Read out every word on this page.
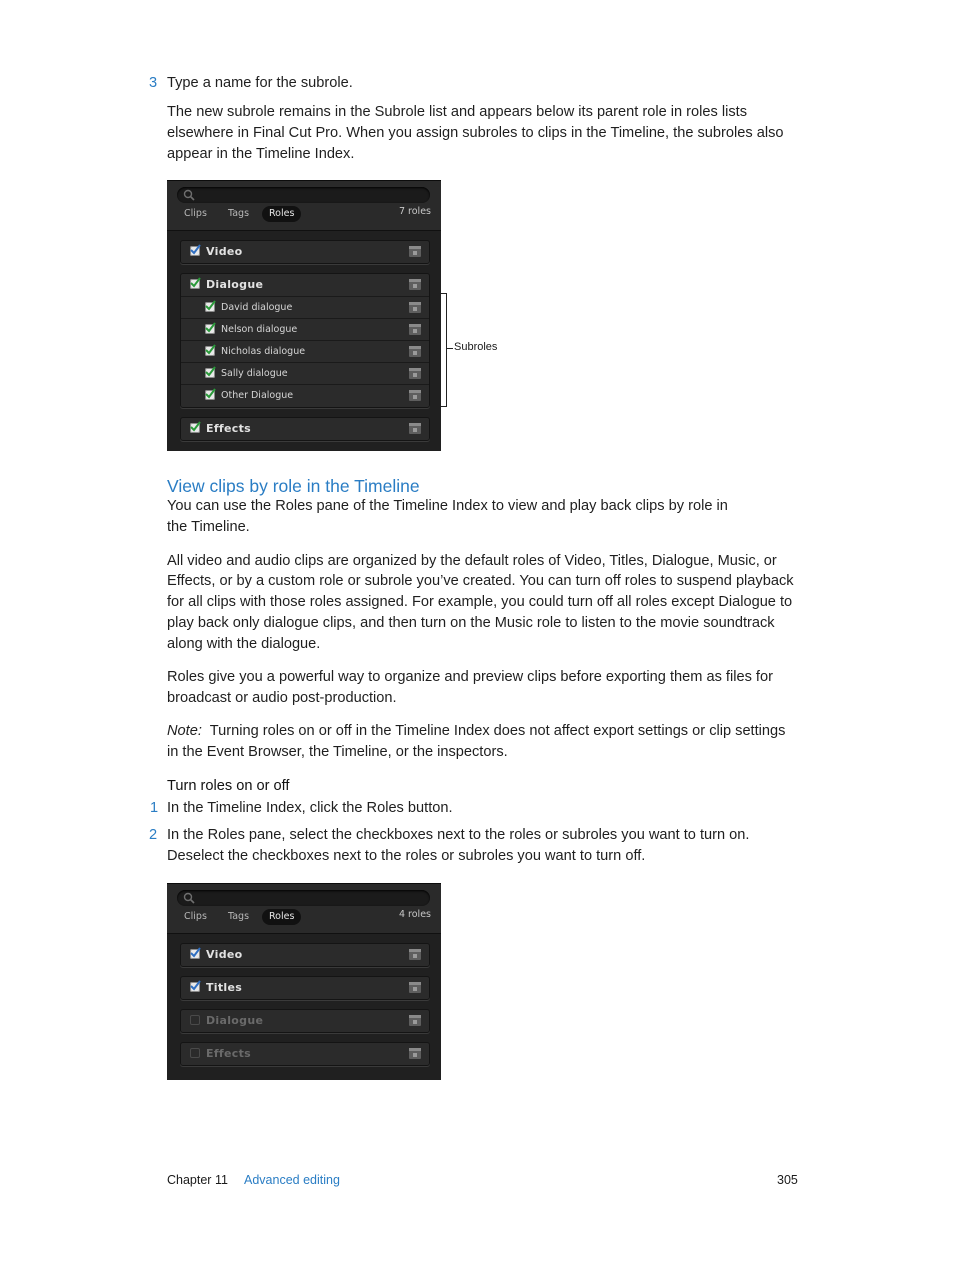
3 Type a name for the subrole.
The new subrole remains in the Subrole list and appears below its parent role in roles lists
elsewhere in Final Cut Pro. When you assign subroles to clips in the Timeline, the subroles also
appear in the Timeline Index.
Clips	Tags	Roles	7 roles
Video
Dialogue
David dialogue
Nelson dialogue
Nicholas dialogue
Sally dialogue
Other Dialogue
Effects
Subroles
View clips by role in the Timeline
You can use the Roles pane of the Timeline Index to view and play back clips by role in
the Timeline.
All video and audio clips are organized by the default roles of Video, Titles, Dialogue, Music, or
Effects, or by a custom role or subrole you’ve created. You can turn off roles to suspend playback
for all clips with those roles assigned. For example, you could turn off all roles except Dialogue to
play back only dialogue clips, and then turn on the Music role to listen to the movie soundtrack
along with the dialogue.
Roles give you a powerful way to organize and preview clips before exporting them as files for
broadcast or audio post-production.
Note: Turning roles on or off in the Timeline Index does not affect export settings or clip settings
in the Event Browser, the Timeline, or the inspectors.
Turn roles on or off
1 In the Timeline Index, click the Roles button.
2 In the Roles pane, select the checkboxes next to the roles or subroles you want to turn on.
Deselect the checkboxes next to the roles or subroles you want to turn off.
Clips	Tags	Roles	4 roles
Video
Titles
Dialogue
Effects
Chapter 11 Advanced editing	305
